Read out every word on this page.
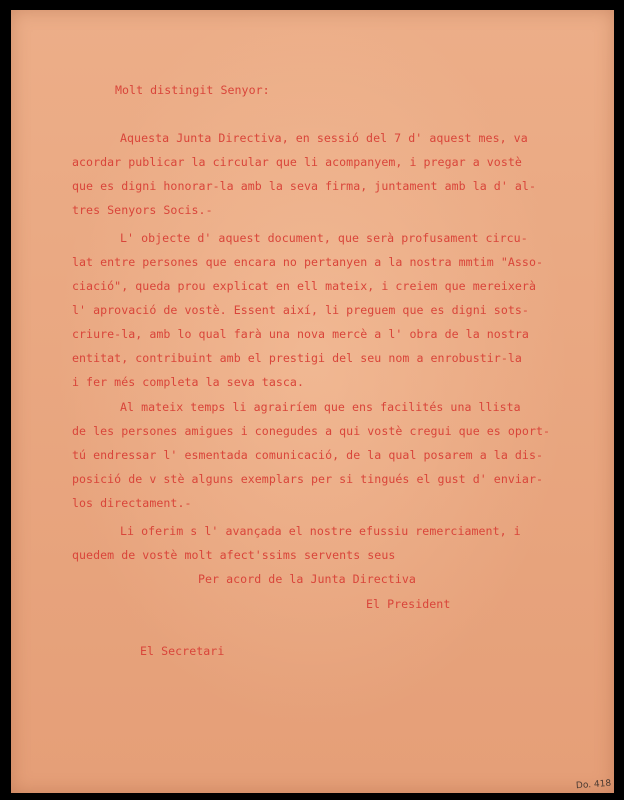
Molt distingit Senyor:
Aquesta Junta Directiva, en sessió del 7 d' aquest mes, va
acordar publicar la circular que li acompanyem, i pregar a vostè
que es digni honorar-la amb la seva firma, juntament amb la d' al-
tres Senyors Socis.-
L' objecte d' aquest document, que serà profusament circu-
lat entre persones que encara no pertanyen a la nostra mmtim "Asso-
ciació", queda prou explicat en ell mateix, i creiem que mereixerà
l' aprovació de vostè. Essent així, li preguem que es digni sots-
criure-la, amb lo qual farà una nova mercè a l' obra de la nostra
entitat, contribuint amb el prestigi del seu nom a enrobustir-la
i fer més completa la seva tasca.
Al mateix temps li agrairíem que ens facilités una llista
de les persones amigues i conegudes a qui vostè cregui que es oport-
tú endressar l' esmentada comunicació, de la qual posarem a la dis-
posició de v stè alguns exemplars per si tingués el gust d' enviar-
los directament.-
Li oferim s l' avançada el nostre efussiu remerciament, i
quedem de vostè molt afect'ssims servents seus
Per acord de la Junta Directiva
El President
El Secretari
Do. 418
